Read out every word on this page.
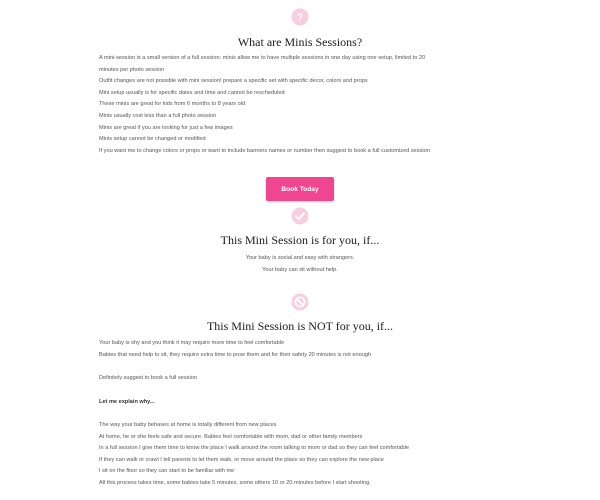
?
What are Minis Sessions?
A mini-session is a small version of a full session: minis allow me to have multiple sessions in one day using one setup, limited to 20
minutes per photo session
Outfit changes are not possible with mini session! prepare a specific set with specific decor, colors and props
Mini setup usually is for specific dates and time and cannot be rescheduled
These minis are great for kids from 6 months to 8 years old
Minis usually cost less than a full photo session
Minis are great if you are looking for just a few images
Minis setup cannot be changed or modified
If you want me to change colors or props or want to include banners names or number then suggest to book a full customized session
Book Today
This Mini Session is for you, if...
Your baby is social and easy with strangers.
Your baby can sit without help.
This Mini Session is NOT for you, if...
Your baby is shy and you think it may require more time to feel comfortable
Babies that need help to sit, they require extra time to pose them and for their safety 20 minutes is not enough

Definitely suggest to book a full session

Let me explain why...

The way your baby behaves at home is totally different from new places
At home, he or she feels safe and secure. Babies feel comfortable with mom, dad or other family members
In a full session I give them time to know the place I walk around the room talking to mom or dad so they can feel comfortable
If they can walk or crawl I tell parents to let them walk, or move around the place so they can explore the new place
I sit on the floor so they can start to be familiar with me
All this process takes time, some babies take 5 minutes, some others 10 or 20 minutes before I start shooting.
